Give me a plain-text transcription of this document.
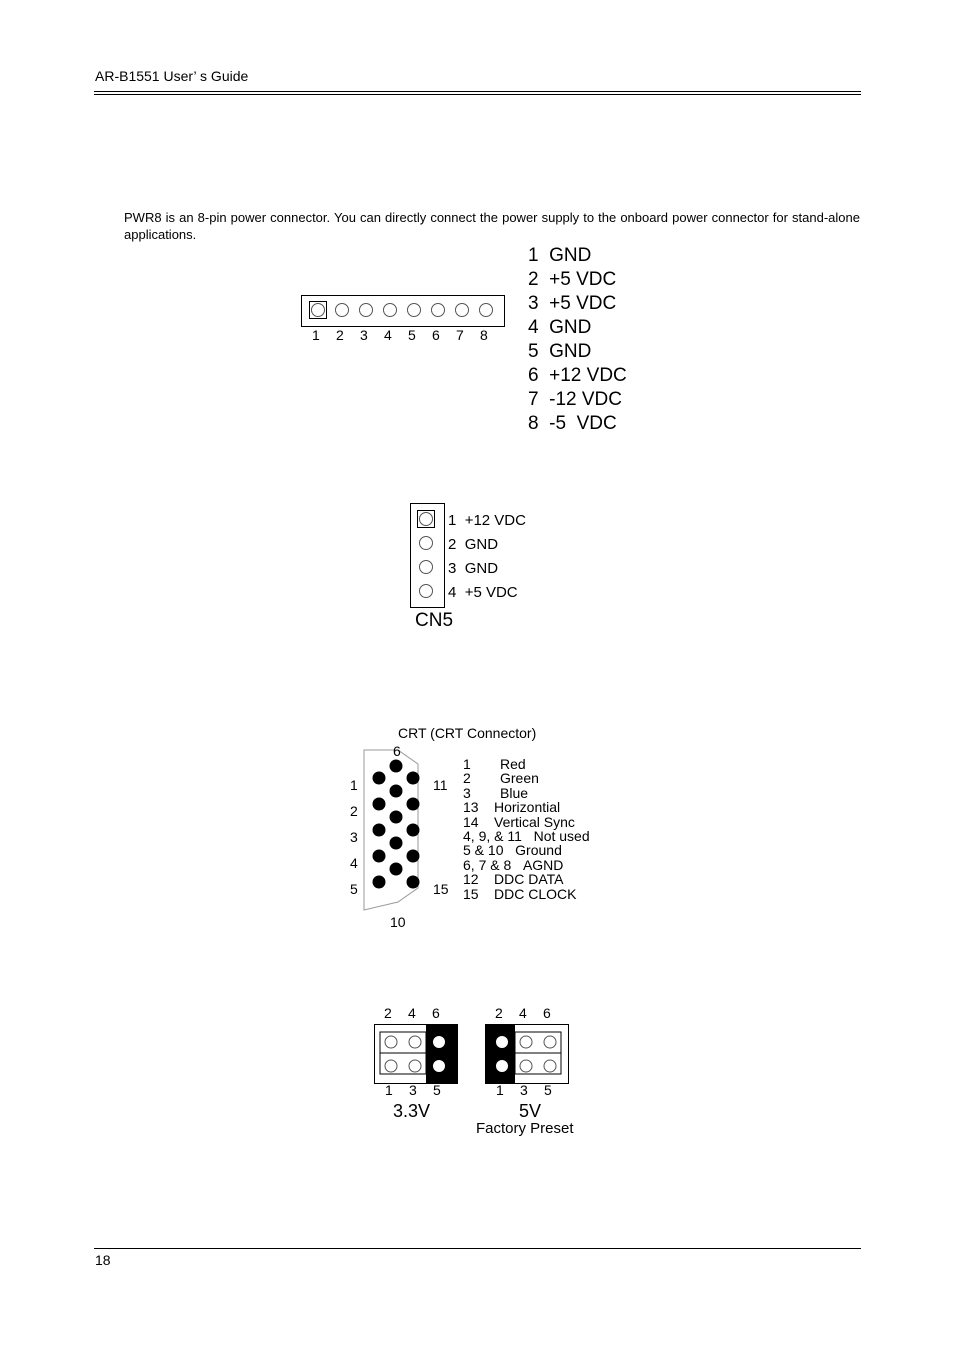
AR-B1551 User’ s Guide
PWR8 is an 8-pin power connector. You can directly connect the power supply to the onboard power connector for stand-alone applications.
1 2 3 4 5 6 7 8
1 GND
2 +5 VDC
3 +5 VDC
4 GND
5 GND
6 +12 VDC
7 -12 VDC
8 -5  VDC
1 +12 VDC
2 GND
3 GND
4 +5 VDC
CN5
CRT (CRT Connector)
6
10
11
15
1
2
3
4
5
1 Red
2 Green
3 Blue
13 Horizontial
14 Vertical Sync
4, 9, & 11 Not used
5 & 10 Ground
6, 7 & 8 AGND
12 DDC DATA
15 DDC CLOCK
2 4 6
1 3 5
3.3V
2 4 6
1 3 5
5V
Factory Preset
18
